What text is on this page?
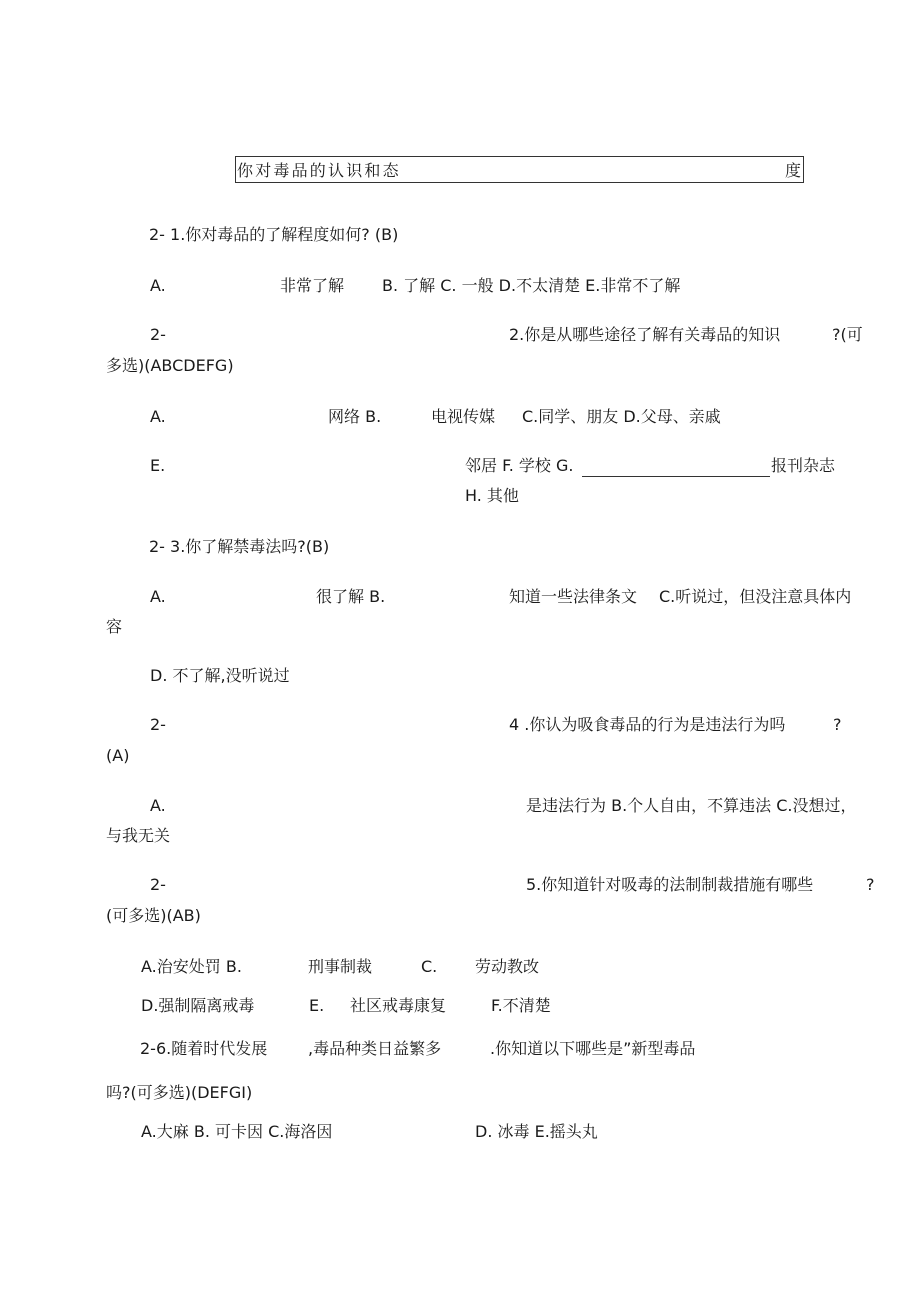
你对毒品的认识和态	度
2- 1.你对毒品的了解程度如何? (B)
A.	非常了解 B. 了解 C. 一般 D.不太清楚 E.非常不了解
2-	2.你是从哪些途径了解有关毒品的知识	?(可
多选)(ABCDEFG)
A.	网络 B.	电视传媒 C.同学、朋友 D.父母、亲戚
E.	邻居 F. 学校 G.	报刊杂志
H. 其他
2- 3.你了解禁毒法吗?(B)
A.	很了解 B.	知道一些法律条文 C.听说过，但没注意具体内
容
D. 不了解,没听说过
2-	4 .你认为吸食毒品的行为是违法行为吗	?
(A)
A.	是违法行为 B.个人自由，不算违法 C.没想过，
与我无关
2-	5.你知道针对吸毒的法制制裁措施有哪些	?
(可多选)(AB)
A.治安处罚 B.	刑事制裁	C. 劳动教改
D.强制隔离戒毒	E. 社区戒毒康复	F.不清楚
2-6.随着时代发展	,毒品种类日益繁多	.你知道以下哪些是”新型毒品
吗?(可多选)(DEFGI)
A.大麻 B. 可卡因 C.海洛因	D. 冰毒 E.摇头丸
